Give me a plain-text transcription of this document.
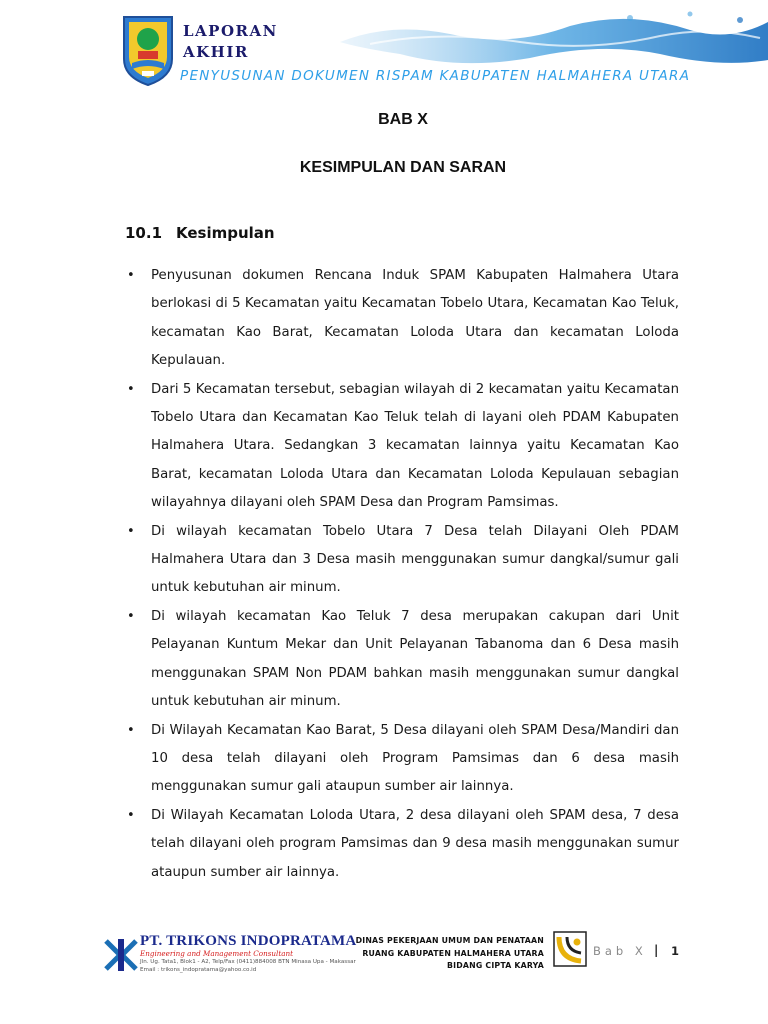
LAPORAN
AKHIR
PENYUSUNAN DOKUMEN RISPAM KABUPATEN HALMAHERA UTARA
BAB X
KESIMPULAN DAN SARAN
10.1 Kesimpulan
• Penyusunan dokumen Rencana Induk SPAM Kabupaten Halmahera Utara berlokasi di 5 Kecamatan yaitu Kecamatan Tobelo Utara, Kecamatan Kao Teluk, kecamatan Kao Barat, Kecamatan Loloda Utara dan kecamatan Loloda Kepulauan.
• Dari 5 Kecamatan tersebut, sebagian wilayah di 2 kecamatan yaitu Kecamatan Tobelo Utara dan Kecamatan Kao Teluk telah di layani oleh PDAM Kabupaten Halmahera Utara. Sedangkan 3 kecamatan lainnya yaitu Kecamatan Kao Barat, kecamatan Loloda Utara dan Kecamatan Loloda Kepulauan sebagian wilayahnya dilayani oleh SPAM Desa dan Program Pamsimas.
• Di wilayah kecamatan Tobelo Utara 7 Desa telah Dilayani Oleh PDAM Halmahera Utara dan 3 Desa masih menggunakan sumur dangkal/sumur gali untuk kebutuhan air minum.
• Di wilayah kecamatan Kao Teluk 7 desa merupakan cakupan dari Unit Pelayanan Kuntum Mekar dan Unit Pelayanan Tabanoma dan 6 Desa masih menggunakan SPAM Non PDAM bahkan masih menggunakan sumur dangkal untuk kebutuhan air minum.
• Di Wilayah Kecamatan Kao Barat, 5 Desa dilayani oleh SPAM Desa/Mandiri dan 10 desa telah dilayani oleh Program Pamsimas dan 6 desa masih menggunakan sumur gali ataupun sumber air lainnya.
• Di Wilayah Kecamatan Loloda Utara, 2 desa dilayani oleh SPAM desa, 7 desa telah dilayani oleh program Pamsimas dan 9 desa masih menggunakan sumur ataupun sumber air lainnya.
PT. TRIKONS INDOPRATAMA
Engineering and Management Consultant
Jln. Ug. Tata1, Blok1 - A2, Telp/Fax (0411)884008 BTN Minasa Upa - Makassar
Email : trikons_indopratama@yahoo.co.id
DINAS PEKERJAAN UMUM DAN PENATAAN
RUANG KABUPATEN HALMAHERA UTARA
BIDANG CIPTA KARYA
Bab X | 1
